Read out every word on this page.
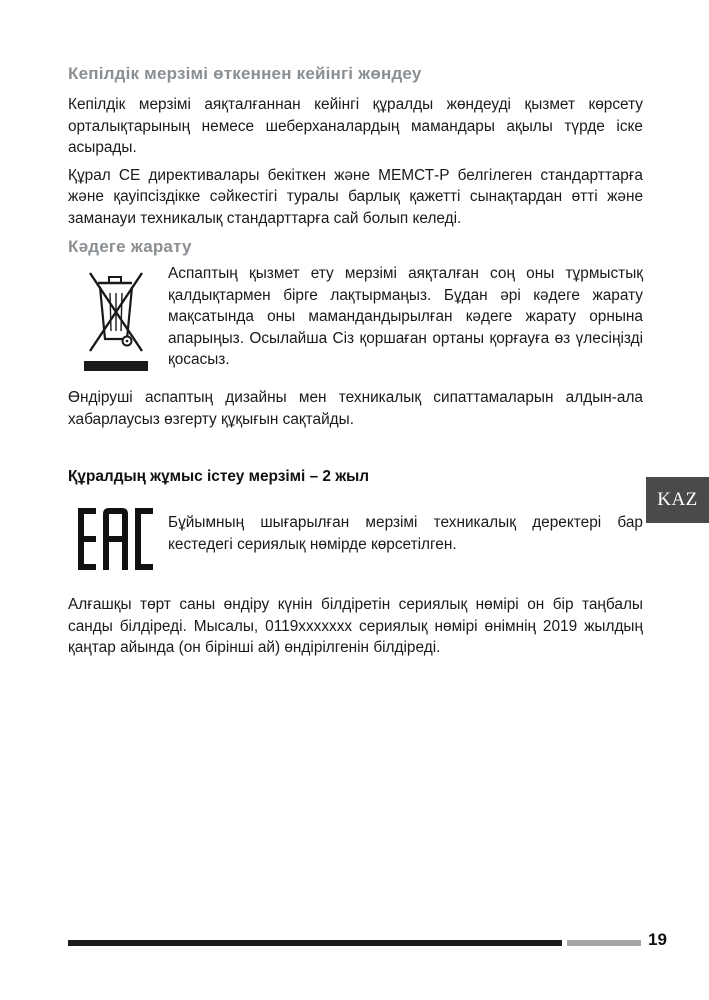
Кепілдік мерзімі өткеннен кейінгі жөндеу

Кепілдік мерзімі аяқталғаннан кейінгі құралды жөндеуді қызмет көрсету орталықтарының немесе шеберханалардың мамандары ақылы түрде іске асырады.

Құрал СЕ директивалары бекіткен және МЕМСТ-Р белгілеген стандарттарға және қауіпсіздікке сәйкестігі туралы барлық қажетті сынақтардан өтті және заманауи техникалық стандарттарға сай болып келеді.

Кәдеге жарату

Аспаптың қызмет ету мерзімі аяқталған соң оны тұрмыстық қалдықтармен бірге лақтырмаңыз. Бұдан әрі кәдеге жарату мақсатында оны мамандандырылған кәдеге жарату орнына апарыңыз. Осылайша Сіз қоршаған ортаны қорғауға өз үлесіңізді қосасыз.

Өндіруші аспаптың дизайны мен техникалық сипаттамаларын алдын-ала хабарлаусыз өзгерту құқығын сақтайды.

Құралдың жұмыс істеу мерзімі – 2 жыл

Бұйымның шығарылған мерзімі техникалық деректері бар кестедегі сериялық нөмірде көрсетілген.

Алғашқы төрт саны өндіру күнін білдіретін сериялық нөмірі он бір таңбалы санды білдіреді. Мысалы, 0119ххххххх сериялық нөмірі өнімнің 2019 жылдың қаңтар айында (он бірінші ай) өндірілгенін білдіреді.

KAZ
19
